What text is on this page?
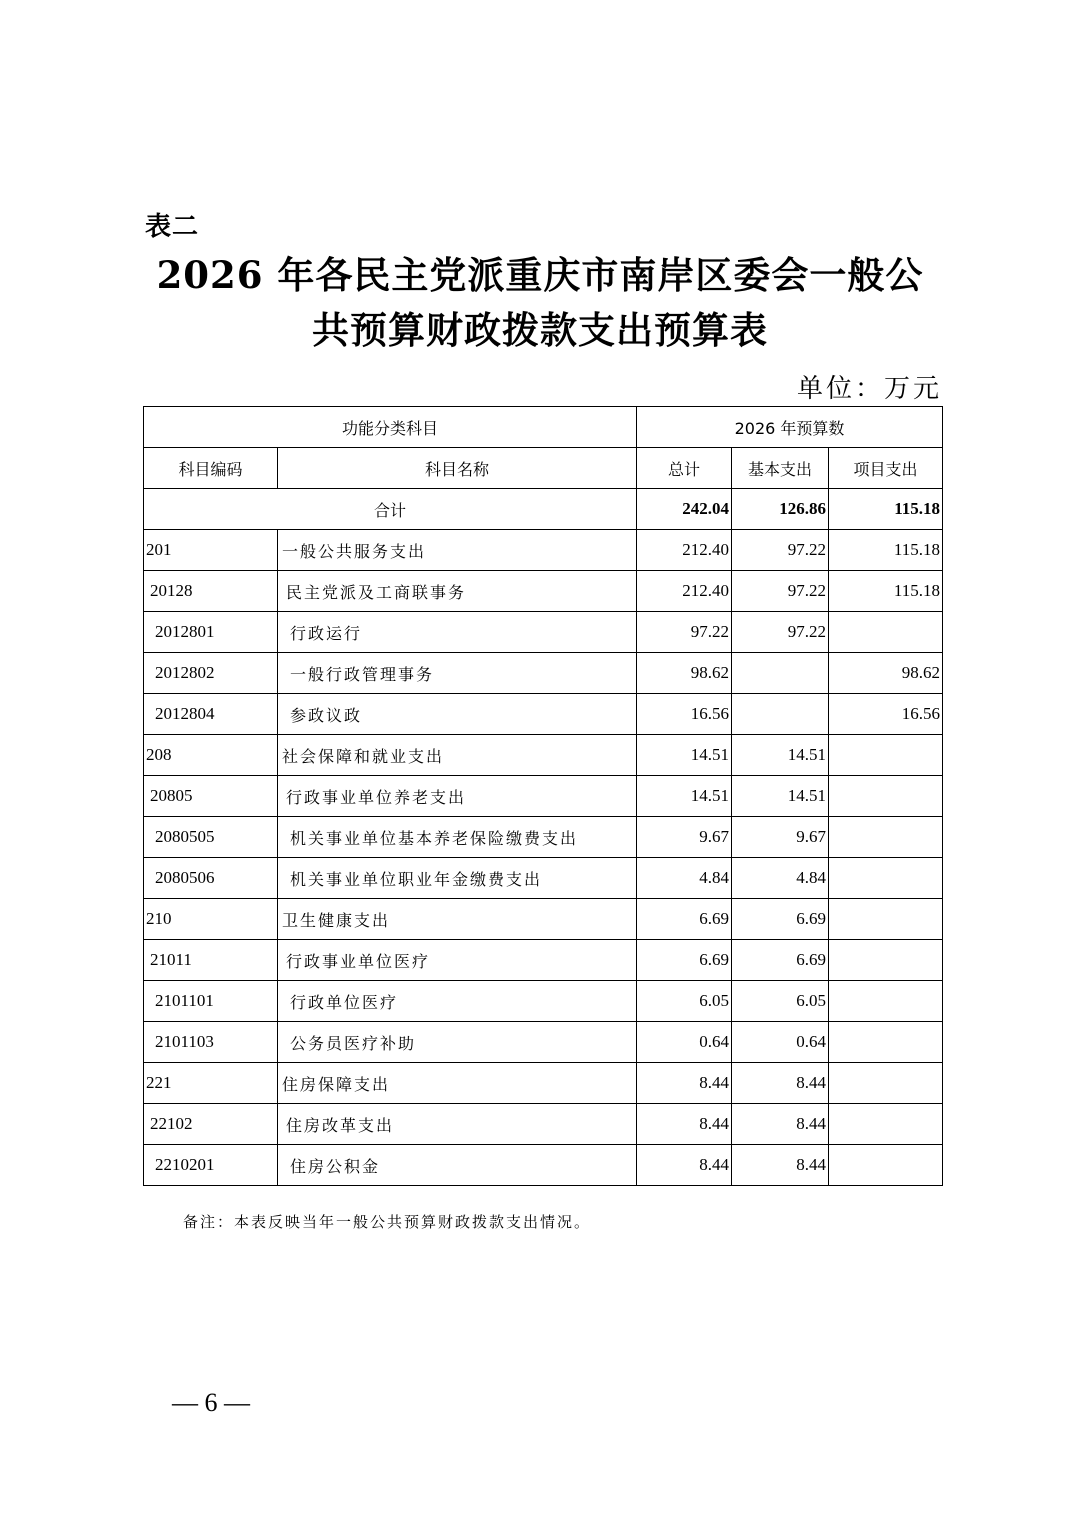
表二
2026 年各民主党派重庆市南岸区委会一般公
共预算财政拨款支出预算表
单位：万元
功能分类科目		2026 年预算数		
科目编码	科目名称	总计	基本支出	项目支出
合计		242.04	126.86	115.18
201	一般公共服务支出	212.40	97.22	115.18
20128	民主党派及工商联事务	212.40	97.22	115.18
2012801	行政运行	97.22	97.22	
2012802	一般行政管理事务	98.62		98.62
2012804	参政议政	16.56		16.56
208	社会保障和就业支出	14.51	14.51	
20805	行政事业单位养老支出	14.51	14.51	
2080505	机关事业单位基本养老保险缴费支出	9.67	9.67	
2080506	机关事业单位职业年金缴费支出	4.84	4.84	
210	卫生健康支出	6.69	6.69	
21011	行政事业单位医疗	6.69	6.69	
2101101	行政单位医疗	6.05	6.05	
2101103	公务员医疗补助	0.64	0.64	
221	住房保障支出	8.44	8.44	
22102	住房改革支出	8.44	8.44	
2210201	住房公积金	8.44	8.44	
备注：本表反映当年一般公共预算财政拨款支出情况。
— 6 —
